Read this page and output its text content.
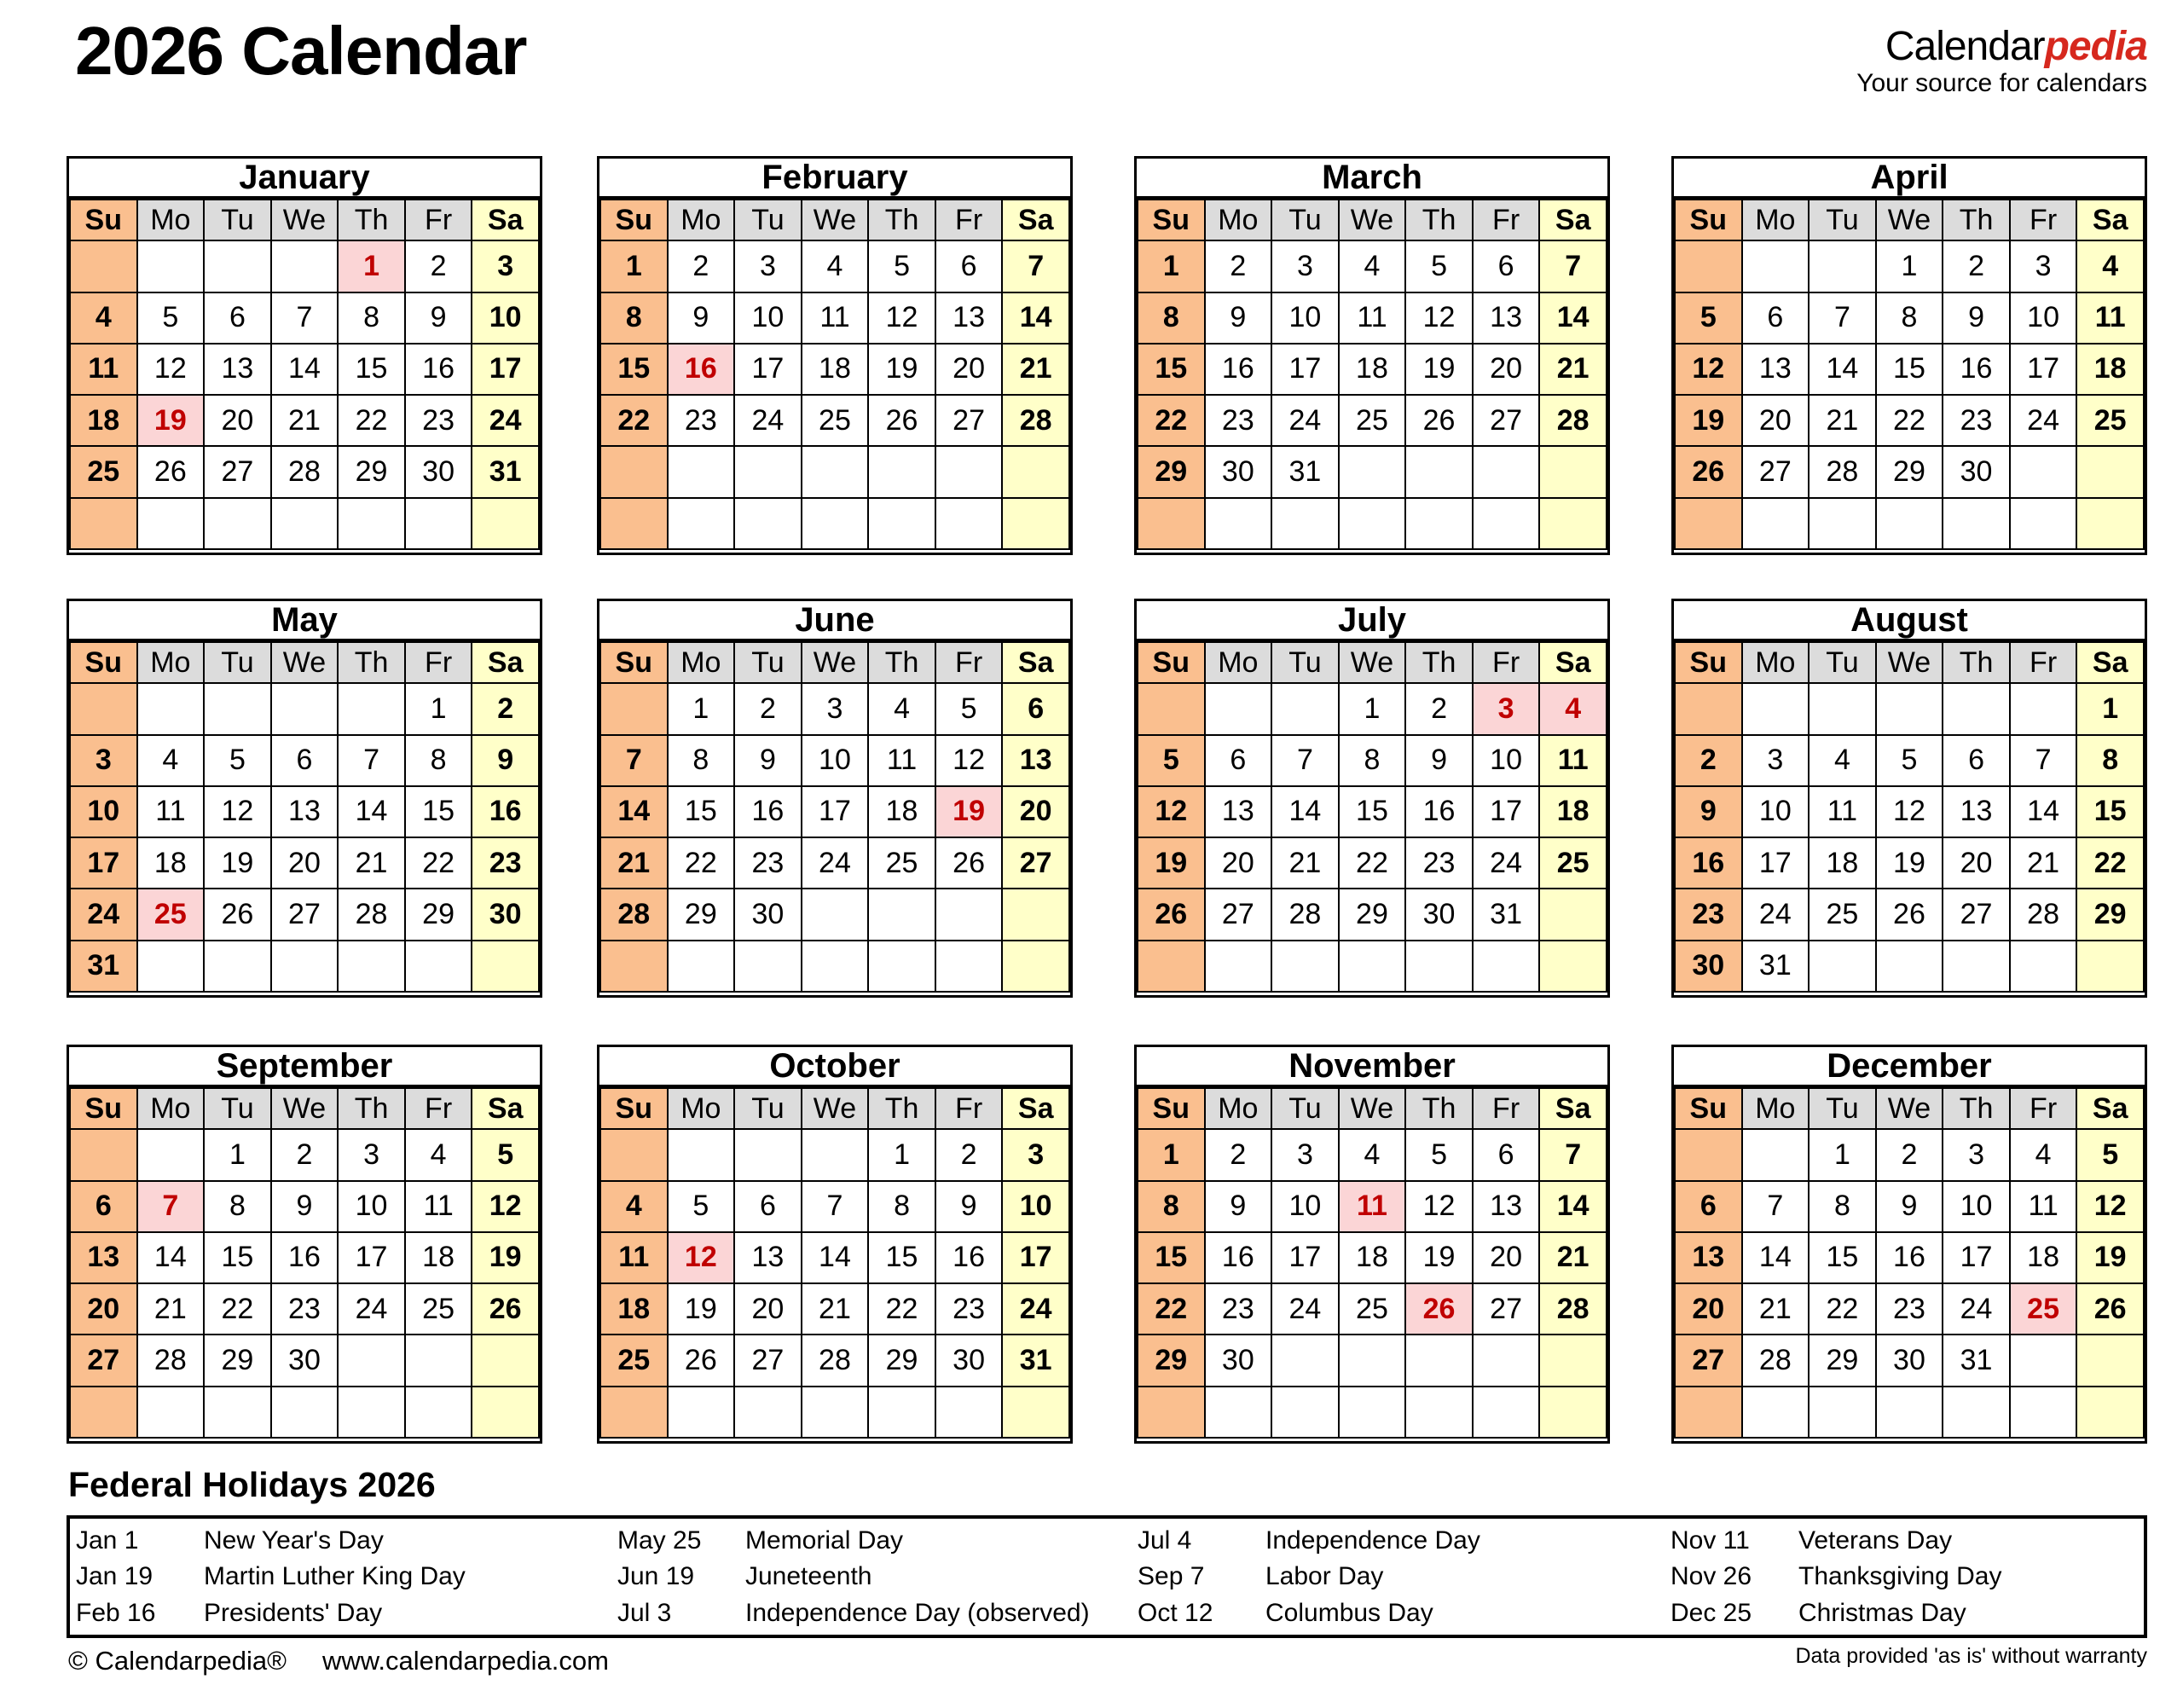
2026 Calendar	Calendarpedia
Your source for calendars
January
Su	Mo	Tu	We	Th	Fr	Sa
				1	2	3
4	5	6	7	8	9	10
11	12	13	14	15	16	17
18	19	20	21	22	23	24
25	26	27	28	29	30	31

February
Su	Mo	Tu	We	Th	Fr	Sa
1	2	3	4	5	6	7
8	9	10	11	12	13	14
15	16	17	18	19	20	21
22	23	24	25	26	27	28

March
Su	Mo	Tu	We	Th	Fr	Sa
1	2	3	4	5	6	7
8	9	10	11	12	13	14
15	16	17	18	19	20	21
22	23	24	25	26	27	28
29	30	31				

April
Su	Mo	Tu	We	Th	Fr	Sa
			1	2	3	4
5	6	7	8	9	10	11
12	13	14	15	16	17	18
19	20	21	22	23	24	25
26	27	28	29	30		

May
Su	Mo	Tu	We	Th	Fr	Sa
					1	2
3	4	5	6	7	8	9
10	11	12	13	14	15	16
17	18	19	20	21	22	23
24	25	26	27	28	29	30
31						
June
Su	Mo	Tu	We	Th	Fr	Sa
	1	2	3	4	5	6
7	8	9	10	11	12	13
14	15	16	17	18	19	20
21	22	23	24	25	26	27
28	29	30				

July
Su	Mo	Tu	We	Th	Fr	Sa
			1	2	3	4
5	6	7	8	9	10	11
12	13	14	15	16	17	18
19	20	21	22	23	24	25
26	27	28	29	30	31	

August
Su	Mo	Tu	We	Th	Fr	Sa
						1
2	3	4	5	6	7	8
9	10	11	12	13	14	15
16	17	18	19	20	21	22
23	24	25	26	27	28	29
30	31					
September
Su	Mo	Tu	We	Th	Fr	Sa
		1	2	3	4	5
6	7	8	9	10	11	12
13	14	15	16	17	18	19
20	21	22	23	24	25	26
27	28	29	30			

October
Su	Mo	Tu	We	Th	Fr	Sa
				1	2	3
4	5	6	7	8	9	10
11	12	13	14	15	16	17
18	19	20	21	22	23	24
25	26	27	28	29	30	31

November
Su	Mo	Tu	We	Th	Fr	Sa
1	2	3	4	5	6	7
8	9	10	11	12	13	14
15	16	17	18	19	20	21
22	23	24	25	26	27	28
29	30					

December
Su	Mo	Tu	We	Th	Fr	Sa
		1	2	3	4	5
6	7	8	9	10	11	12
13	14	15	16	17	18	19
20	21	22	23	24	25	26
27	28	29	30	31		

Federal Holidays 2026
Jan 1	New Year's Day
Jan 19 Martin Luther King Day
Feb 16 Presidents' Day
May 25 Memorial Day
Jun 19 Juneteenth
Jul 3	Independence Day (observed)
Jul 4	Independence Day
Sep 7 Labor Day
Oct 12 Columbus Day
Nov 11 Veterans Day
Nov 26 Thanksgiving Day
Dec 25 Christmas Day
© Calendarpedia® www.calendarpedia.com	Data provided 'as is' without warranty
